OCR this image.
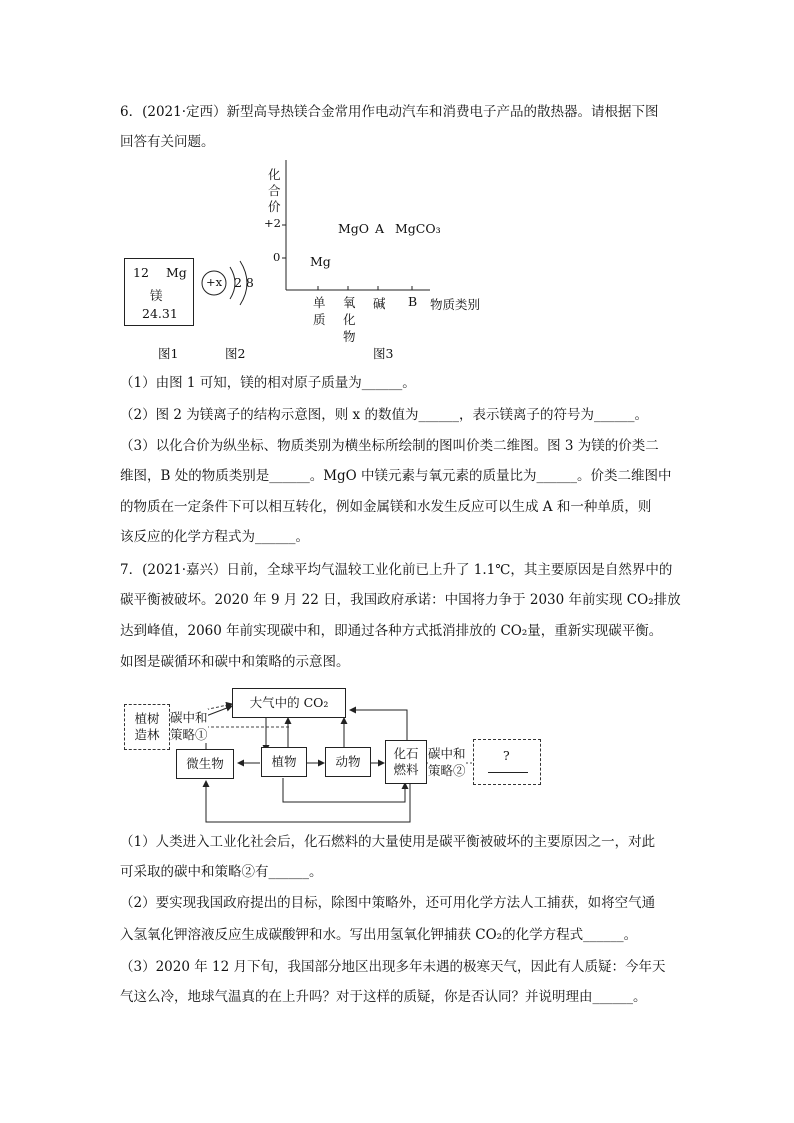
6．(2021·定西）新型高导热镁合金常用作电动汽车和消费电子产品的散热器。请根据下图
回答有关问题。
12 Mg
镁
24.31
图1
+x 2 8
图2
化
合
价
+2
0 Mg
MgO A MgCO₃
单
质
氧
化
物
碱 B 物质类别
图3
（1）由图 1 可知，镁的相对原子质量为______。
（2）图 2 为镁离子的结构示意图，则 x 的数值为______，表示镁离子的符号为______。
（3）以化合价为纵坐标、物质类别为横坐标所绘制的图叫价类二维图。图 3 为镁的价类二
维图，B 处的物质类别是______。MgO 中镁元素与氧元素的质量比为______。价类二维图中
的物质在一定条件下可以相互转化，例如金属镁和水发生反应可以生成 A 和一种单质，则
该反应的化学方程式为______。
7．(2021·嘉兴）日前，全球平均气温较工业化前已上升了 1.1℃，其主要原因是自然界中的
碳平衡被破坏。2020 年 9 月 22 日，我国政府承诺：中国将力争于 2030 年前实现 CO₂排放
达到峰值，2060 年前实现碳中和，即通过各种方式抵消排放的 CO₂量，重新实现碳平衡。
如图是碳循环和碳中和策略的示意图。
大气中的 CO₂
植树
造林
碳中和
策略①
微生物	植物	动物
化石
燃料
碳中和
策略②
?
（1）人类进入工业化社会后，化石燃料的大量使用是碳平衡被破坏的主要原因之一，对此
可采取的碳中和策略②有______。
（2）要实现我国政府提出的目标，除图中策略外，还可用化学方法人工捕获，如将空气通
入氢氧化钾溶液反应生成碳酸钾和水。写出用氢氧化钾捕获 CO₂的化学方程式______。
（3）2020 年 12 月下旬，我国部分地区出现多年未遇的极寒天气，因此有人质疑：今年天
气这么冷，地球气温真的在上升吗？对于这样的质疑，你是否认同？并说明理由______。
